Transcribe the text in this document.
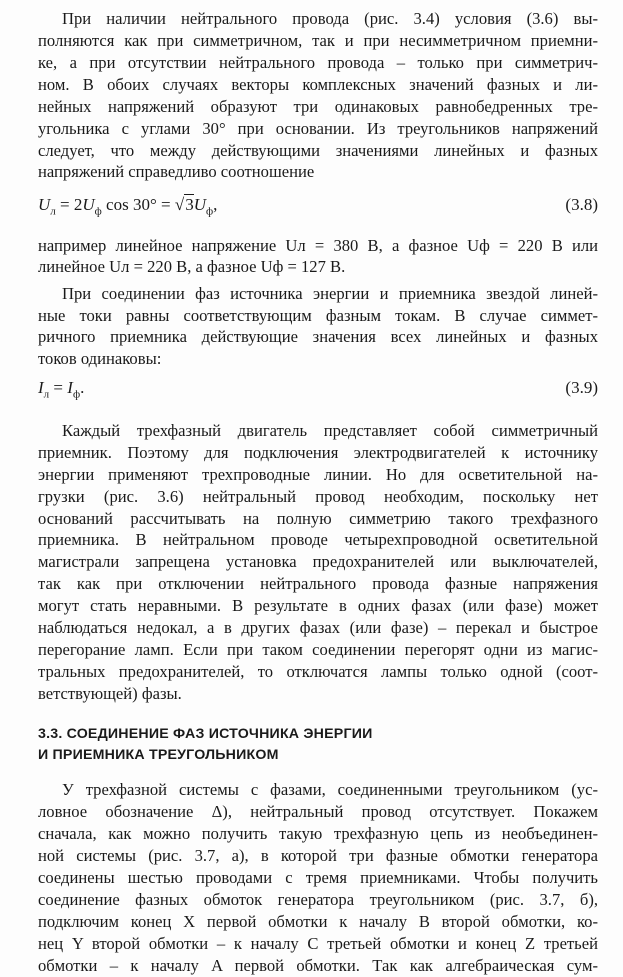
При наличии нейтрального провода (рис. 3.4) условия (3.6) вы-
полняются как при симметричном, так и при несимметричном приемни-
ке, а при отсутствии нейтрального провода – только при симметрич-
ном. В обоих случаях векторы комплексных значений фазных и ли-
нейных напряжений образуют три одинаковых равнобедренных тре-
угольника с углами 30° при основании. Из треугольников напряжений
следует, что между действующими значениями линейных и фазных
напряжений справедливо соотношение
$U_л = 2U_ф$ $\cos 30^\circ = √3U_ф$,	(3.8)
например линейное напряжение Uл = 380 В, а фазное Uф = 220 В или
линейное Uл = 220 В, а фазное Uф = 127 В.
При соединении фаз источника энергии и приемника звездой линей-
ные токи равны соответствующим фазным токам. В случае симмет-
ричного приемника действующие значения всех линейных и фазных
токов одинаковы:
$I_л = I_ф$.	(3.9)
Каждый трехфазный двигатель представляет собой симметричный
приемник. Поэтому для подключения электродвигателей к источнику
энергии применяют трехпроводные линии. Но для осветительной на-
грузки (рис. 3.6) нейтральный провод необходим, поскольку нет
оснований рассчитывать на полную симметрию такого трехфазного
приемника. В нейтральном проводе четырехпроводной осветительной
магистрали запрещена установка предохранителей или выключателей,
так как при отключении нейтрального провода фазные напряжения
могут стать неравными. В результате в одних фазах (или фазе) может
наблюдаться недокал, а в других фазах (или фазе) – перекал и быстрое
перегорание ламп. Если при таком соединении перегорят одни из магис-
тральных предохранителей, то отключатся лампы только одной (соот-
ветствующей) фазы.
3.3. СОЕДИНЕНИЕ ФАЗ ИСТОЧНИКА ЭНЕРГИИ
И ПРИЕМНИКА ТРЕУГОЛЬНИКОМ
У трехфазной системы с фазами, соединенными треугольником (ус-
ловное обозначение Δ), нейтральный провод отсутствует. Покажем
сначала, как можно получить такую трехфазную цепь из необъединен-
ной системы (рис. 3.7, а), в которой три фазные обмотки генератора
соединены шестью проводами с тремя приемниками. Чтобы получить
соединение фазных обмоток генератора треугольником (рис. 3.7, б),
подключим конец X первой обмотки к началу B второй обмотки, ко-
нец Y второй обмотки – к началу C третьей обмотки и конец Z третьей
обмотки – к началу A первой обмотки. Так как алгебраическая сум-
